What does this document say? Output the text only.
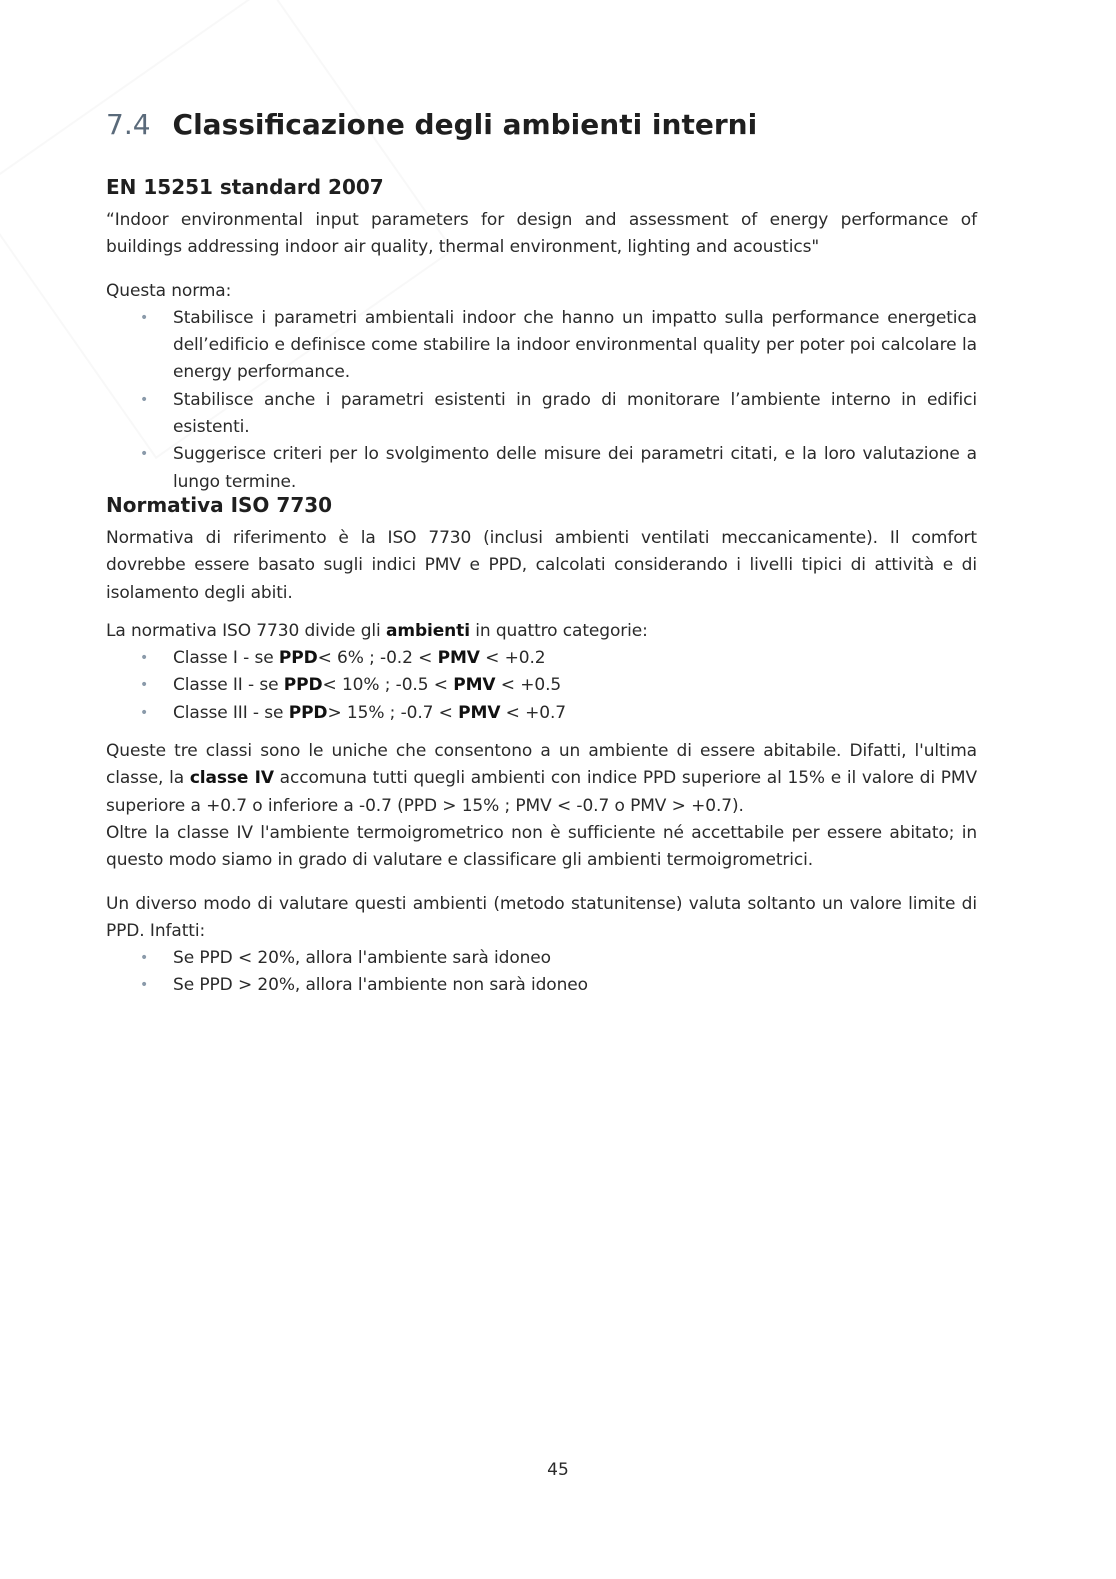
7.4 Classificazione degli ambienti interni
EN 15251 standard 2007

“Indoor environmental input parameters for design and assessment of energy performance of buildings addressing indoor air quality, thermal environment, lighting and acoustics"

Questa norma:

• Stabilisce i parametri ambientali indoor che hanno un impatto sulla performance energetica dell’edificio e definisce come stabilire la indoor environmental quality per poter poi calcolare la energy performance.
• Stabilisce anche i parametri esistenti in grado di monitorare l’ambiente interno in edifici esistenti.
• Suggerisce criteri per lo svolgimento delle misure dei parametri citati, e la loro valutazione a lungo termine.
Normativa ISO 7730

Normativa di riferimento è la ISO 7730 (inclusi ambienti ventilati meccanicamente). Il comfort dovrebbe essere basato sugli indici PMV e PPD, calcolati considerando i livelli tipici di attività e di isolamento degli abiti.

La normativa ISO 7730 divide gli ambienti in quattro categorie:

• Classe I - se PPD< 6% ; -0.2 < PMV < +0.2
• Classe II - se PPD< 10% ; -0.5 < PMV < +0.5
• Classe III - se PPD> 15% ; -0.7 < PMV < +0.7

Queste tre classi sono le uniche che consentono a un ambiente di essere abitabile. Difatti, l'ultima classe, la classe IV accomuna tutti quegli ambienti con indice PPD superiore al 15% e il valore di PMV superiore a +0.7 o inferiore a -0.7 (PPD > 15% ; PMV < -0.7 o PMV > +0.7).

Oltre la classe IV l'ambiente termoigrometrico non è sufficiente né accettabile per essere abitato; in questo modo siamo in grado di valutare e classificare gli ambienti termoigrometrici.

Un diverso modo di valutare questi ambienti (metodo statunitense) valuta soltanto un valore limite di PPD. Infatti:

• Se PPD < 20%, allora l'ambiente sarà idoneo
• Se PPD > 20%, allora l'ambiente non sarà idoneo
45
